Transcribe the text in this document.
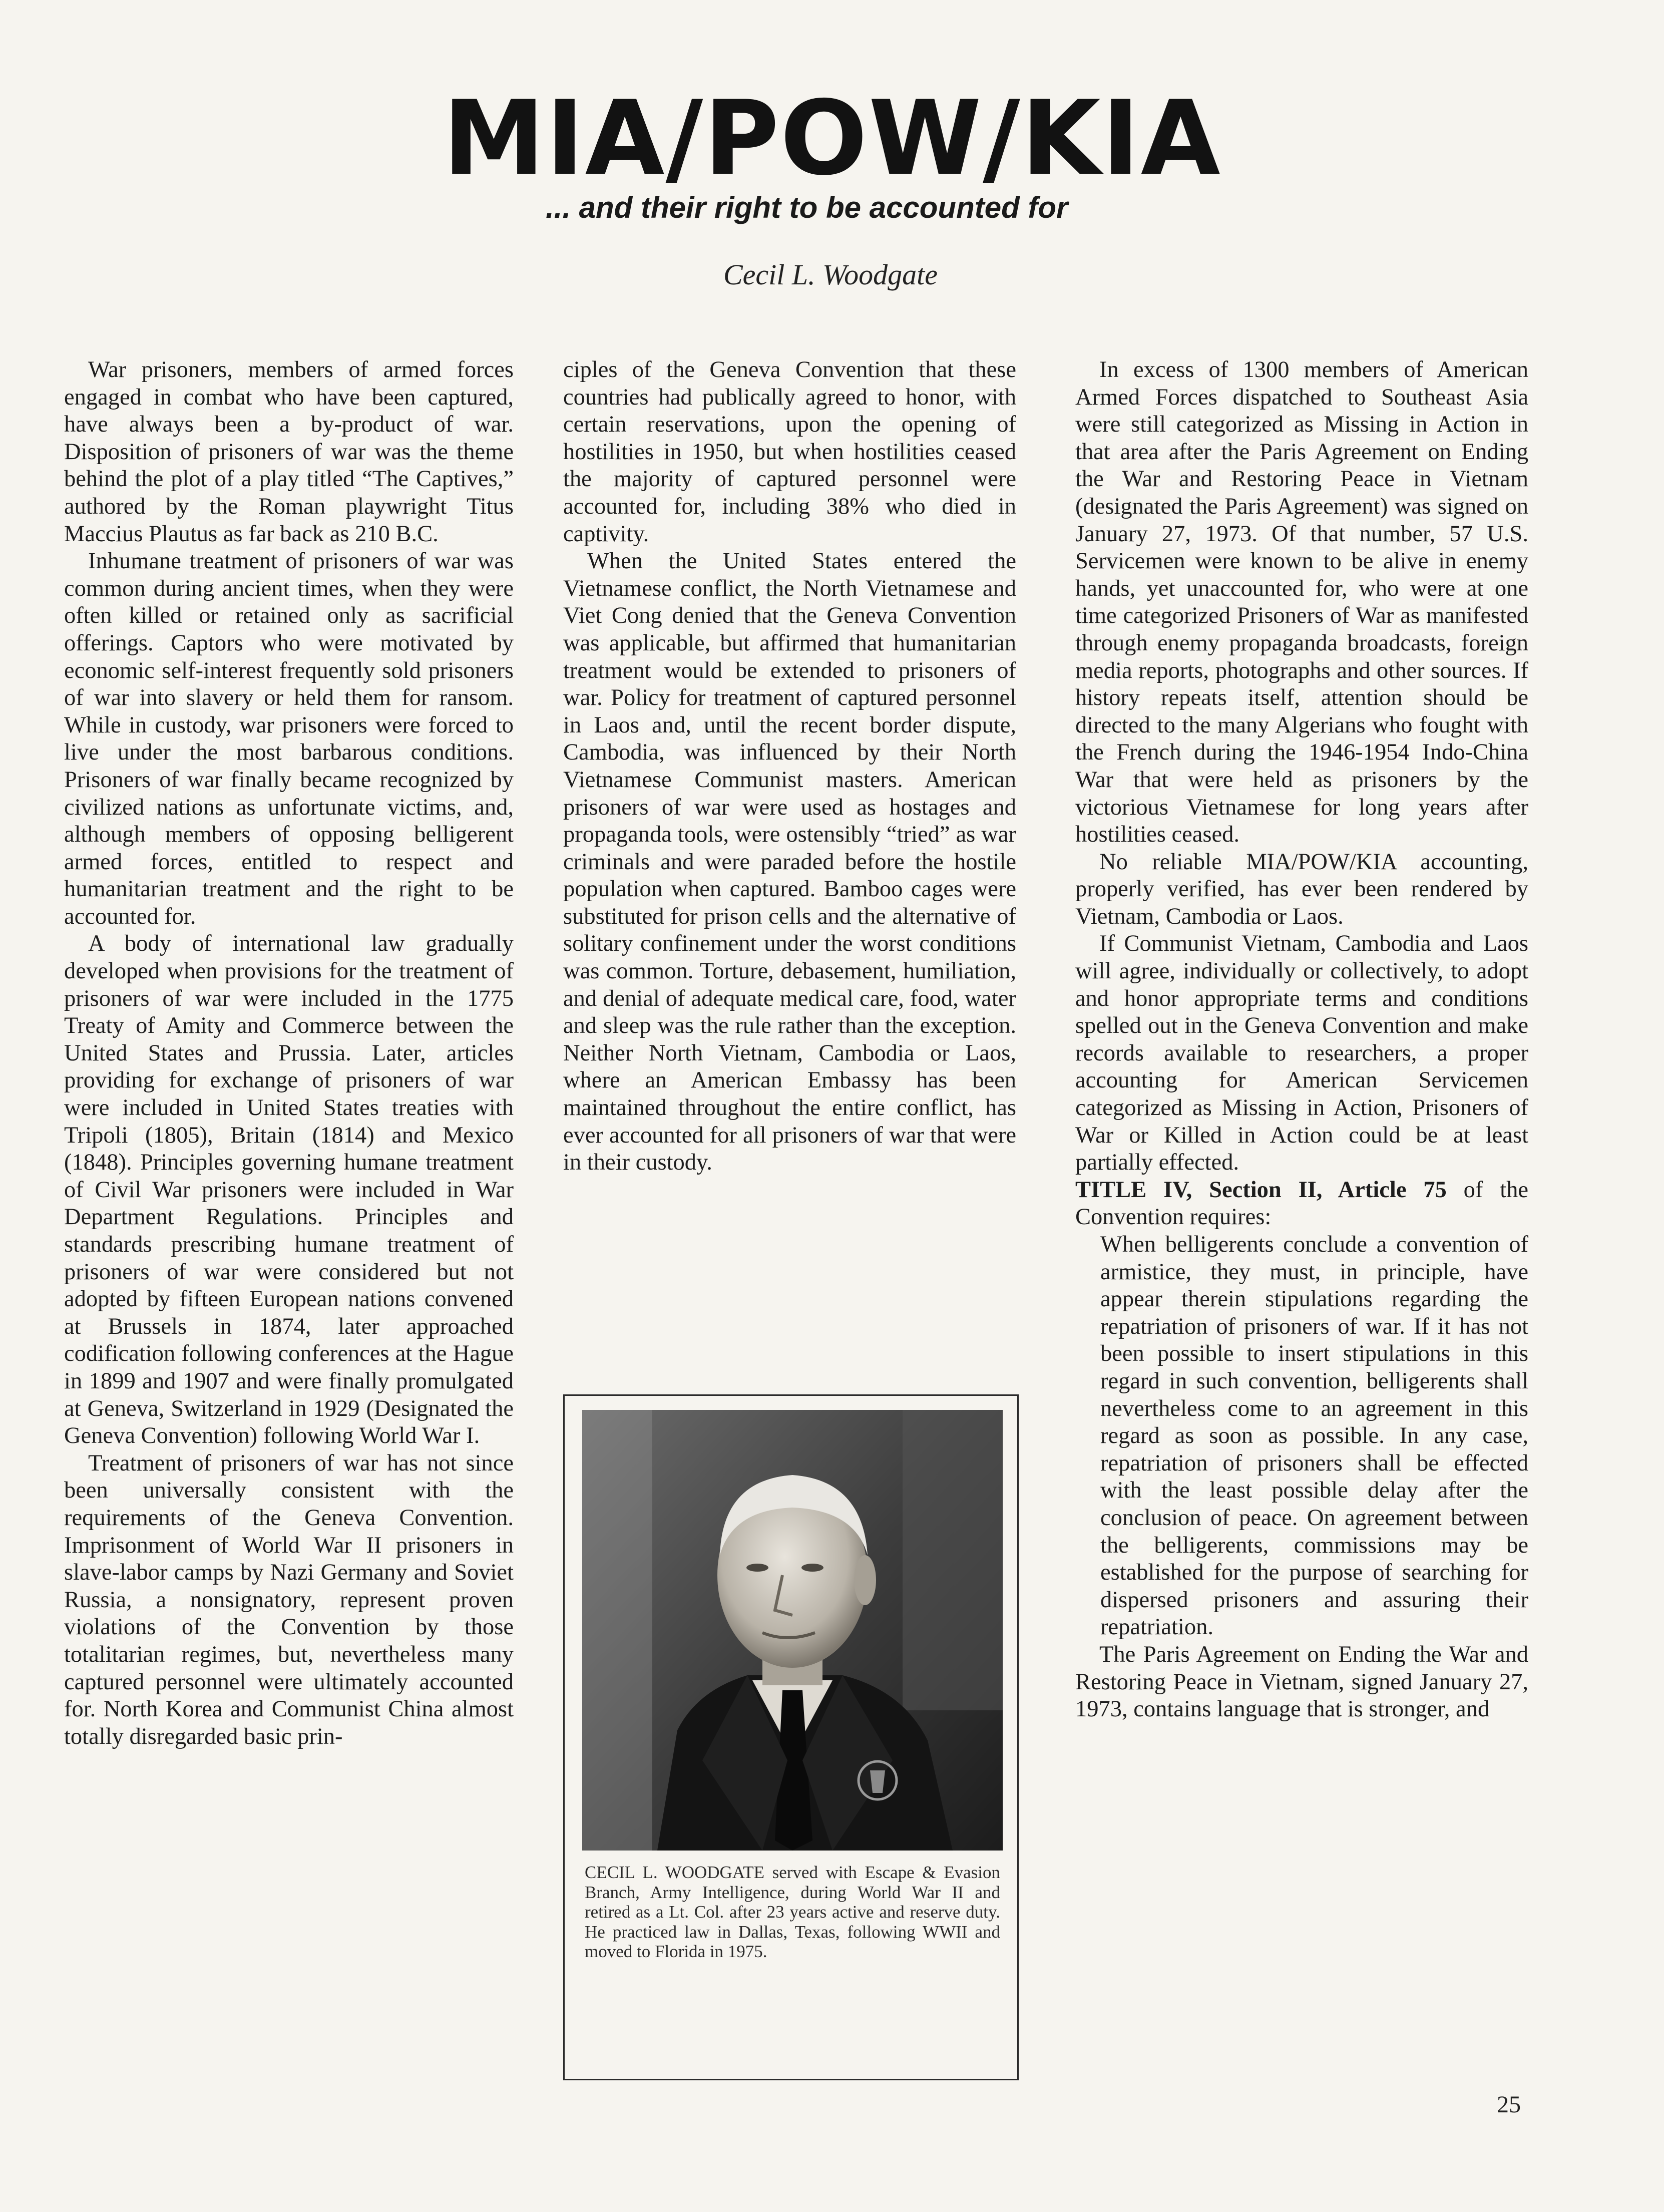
MIA/POW/KIA
... and their right to be accounted for
Cecil L. Woodgate

War prisoners, members of armed forces engaged in combat who have been captured, have always been a by-product of war. Disposition of prisoners of war was the theme behind the plot of a play titled “The Captives,” authored by the Roman playwright Titus Maccius Plautus as far back as 210 B.C.

Inhumane treatment of prisoners of war was common during ancient times, when they were often killed or retained only as sacrificial offerings. Captors who were motivated by economic self-interest frequently sold prisoners of war into slavery or held them for ransom. While in custody, war prisoners were forced to live under the most barbarous conditions. Prisoners of war finally became recognized by civilized nations as unfortunate victims, and, although members of opposing belligerent armed forces, entitled to respect and humanitarian treatment and the right to be accounted for.

A body of international law gradually developed when provisions for the treatment of prisoners of war were included in the 1775 Treaty of Amity and Commerce between the United States and Prussia. Later, articles providing for exchange of prisoners of war were included in United States treaties with Tripoli (1805), Britain (1814) and Mexico (1848). Principles governing humane treatment of Civil War prisoners were included in War Department Regulations. Principles and standards prescribing humane treatment of prisoners of war were considered but not adopted by fifteen European nations convened at Brussels in 1874, later approached codification following conferences at the Hague in 1899 and 1907 and were finally promulgated at Geneva, Switzerland in 1929 (Designated the Geneva Convention) following World War I.

Treatment of prisoners of war has not since been universally consistent with the requirements of the Geneva Convention. Imprisonment of World War II prisoners in slave-labor camps by Nazi Germany and Soviet Russia, a nonsignatory, represent proven violations of the Convention by those totalitarian regimes, but, nevertheless many captured personnel were ultimately accounted for. North Korea and Communist China almost totally disregarded basic prin-

ciples of the Geneva Convention that these countries had publically agreed to honor, with certain reservations, upon the opening of hostilities in 1950, but when hostilities ceased the majority of captured personnel were accounted for, including 38% who died in captivity.

When the United States entered the Vietnamese conflict, the North Vietnamese and Viet Cong denied that the Geneva Convention was applicable, but affirmed that humanitarian treatment would be extended to prisoners of war. Policy for treatment of captured personnel in Laos and, until the recent border dispute, Cambodia, was influenced by their North Vietnamese Communist masters. American prisoners of war were used as hostages and propaganda tools, were ostensibly “tried” as war criminals and were paraded before the hostile population when captured. Bamboo cages were substituted for prison cells and the alternative of solitary confinement under the worst conditions was common. Torture, debasement, humiliation, and denial of adequate medical care, food, water and sleep was the rule rather than the exception. Neither North Vietnam, Cambodia or Laos, where an American Embassy has been maintained throughout the entire conflict, has ever accounted for all prisoners of war that were in their custody.

CECIL L. WOODGATE served with Escape & Evasion Branch, Army Intelligence, during World War II and retired as a Lt. Col. after 23 years active and reserve duty. He practiced law in Dallas, Texas, following WWII and moved to Florida in 1975.

In excess of 1300 members of American Armed Forces dispatched to Southeast Asia were still categorized as Missing in Action in that area after the Paris Agreement on Ending the War and Restoring Peace in Vietnam (designated the Paris Agreement) was signed on January 27, 1973. Of that number, 57 U.S. Servicemen were known to be alive in enemy hands, yet unaccounted for, who were at one time categorized Prisoners of War as manifested through enemy propaganda broadcasts, foreign media reports, photographs and other sources. If history repeats itself, attention should be directed to the many Algerians who fought with the French during the 1946-1954 Indo-China War that were held as prisoners by the victorious Vietnamese for long years after hostilities ceased.

No reliable MIA/POW/KIA accounting, properly verified, has ever been rendered by Vietnam, Cambodia or Laos.

If Communist Vietnam, Cambodia and Laos will agree, individually or collectively, to adopt and honor appropriate terms and conditions spelled out in the Geneva Convention and make records available to researchers, a proper accounting for American Servicemen categorized as Missing in Action, Prisoners of War or Killed in Action could be at least partially effected.

TITLE IV, Section II, Article 75 of the Convention requires:

When belligerents conclude a convention of armistice, they must, in principle, have appear therein stipulations regarding the repatriation of prisoners of war. If it has not been possible to insert stipulations in this regard in such convention, belligerents shall nevertheless come to an agreement in this regard as soon as possible. In any case, repatriation of prisoners shall be effected with the least possible delay after the conclusion of peace. On agreement between the belligerents, commissions may be established for the purpose of searching for dispersed prisoners and assuring their repatriation.

The Paris Agreement on Ending the War and Restoring Peace in Vietnam, signed January 27, 1973, contains language that is stronger, and

25
